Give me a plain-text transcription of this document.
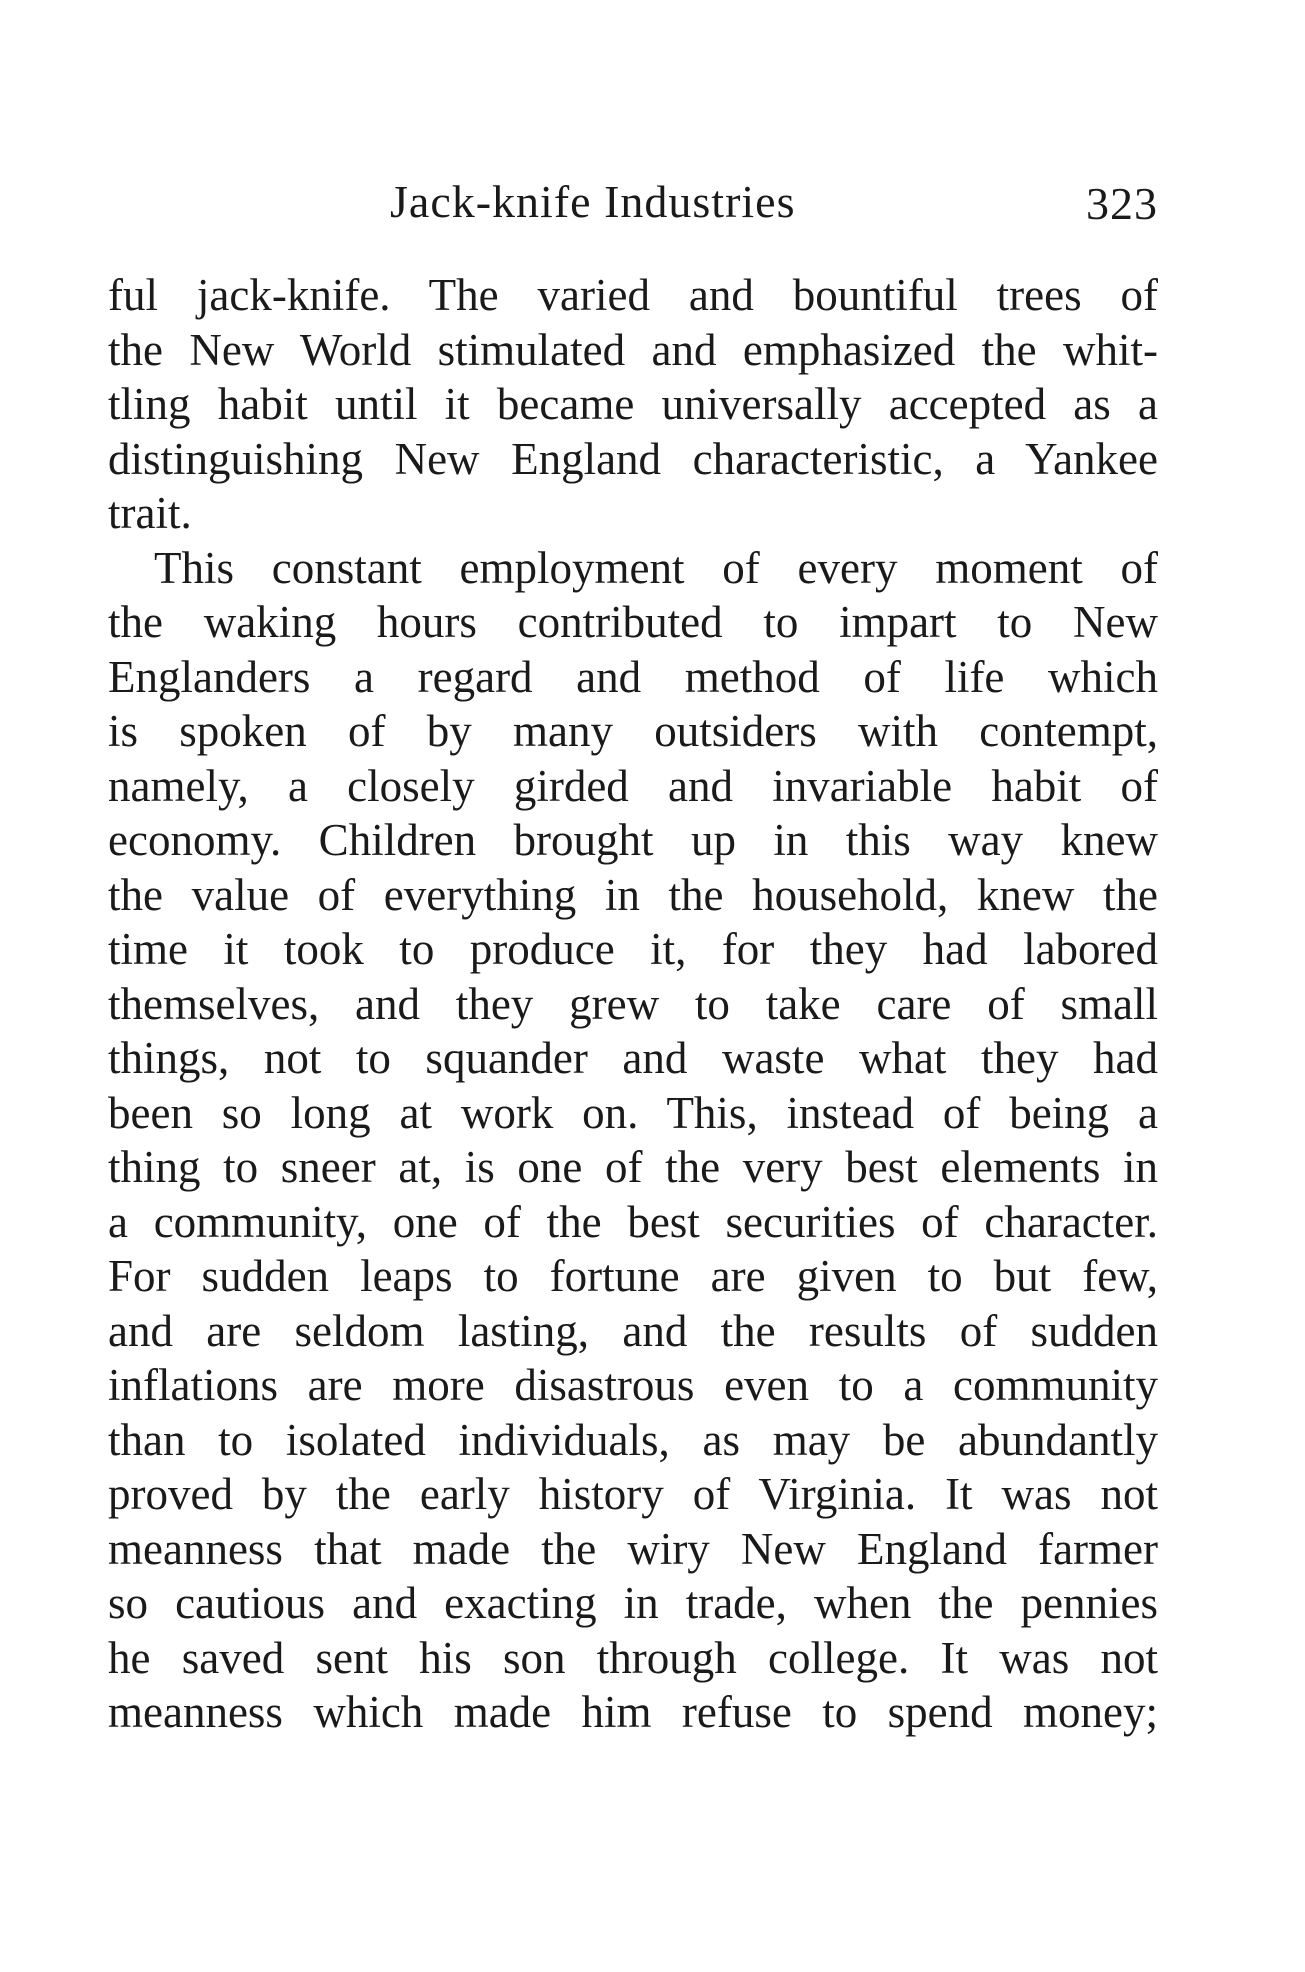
Jack-knife Industries	323
ful jack-knife. The varied and bountiful trees of
the New World stimulated and emphasized the whit-
tling habit until it became universally accepted as a
distinguishing New England characteristic, a Yankee
trait.
This constant employment of every moment of
the waking hours contributed to impart to New
Englanders a regard and method of life which
is spoken of by many outsiders with contempt,
namely, a closely girded and invariable habit of
economy. Children brought up in this way knew
the value of everything in the household, knew the
time it took to produce it, for they had labored
themselves, and they grew to take care of small
things, not to squander and waste what they had
been so long at work on. This, instead of being a
thing to sneer at, is one of the very best elements in
a community, one of the best securities of character.
For sudden leaps to fortune are given to but few,
and are seldom lasting, and the results of sudden
inflations are more disastrous even to a community
than to isolated individuals, as may be abundantly
proved by the early history of Virginia. It was not
meanness that made the wiry New England farmer
so cautious and exacting in trade, when the pennies
he saved sent his son through college. It was not
meanness which made him refuse to spend money;
